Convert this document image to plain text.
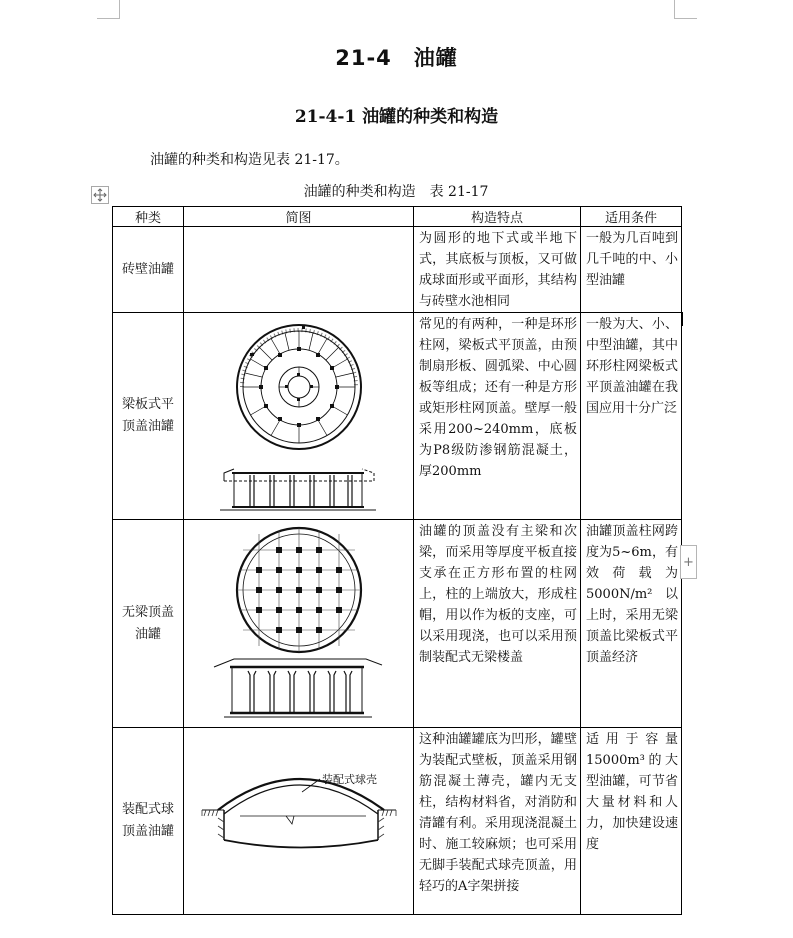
21-4　油罐
21-4-1 油罐的种类和构造
油罐的种类和构造见表 21-17。
油罐的种类和构造　表 21-17
种类	简图	构造特点	适用条件
砖壁油罐		为圆形的地下式或半地下式，其底板与顶板，又可做成球面形或平面形，其结构与砖壁水池相同	一般为几百吨到几千吨的中、小型油罐
梁板式平顶盖油罐		常见的有两种，一种是环形柱网，梁板式平顶盖，由预制扇形板、圆弧梁、中心圆板等组成；还有一种是方形或矩形柱网顶盖。壁厚一般采用200~240mm，底板为P8级防渗钢筋混凝土，厚200mm	一般为大、小、中型油罐，其中环形柱网梁板式平顶盖油罐在我国应用十分广泛
无梁顶盖油罐		油罐的顶盖没有主梁和次梁，而采用等厚度平板直接支承在正方形布置的柱网上，柱的上端放大，形成柱帽，用以作为板的支座，可以采用现浇，也可以采用预制装配式无梁楼盖	油罐顶盖柱网跨度为5~6m，有效荷载为5000N/m²以上时，采用无梁顶盖比梁板式平顶盖经济
装配式球顶盖油罐	装配式球壳	这种油罐罐底为凹形，罐壁为装配式壁板，顶盖采用钢筋混凝土薄壳，罐内无支柱，结构材料省，对消防和清罐有利。采用现浇混凝土时、施工较麻烦；也可采用无脚手装配式球壳顶盖，用轻巧的A字架拼接	适用于容量15000m³的大型油罐，可节省大量材料和人力，加快建设速度
+
